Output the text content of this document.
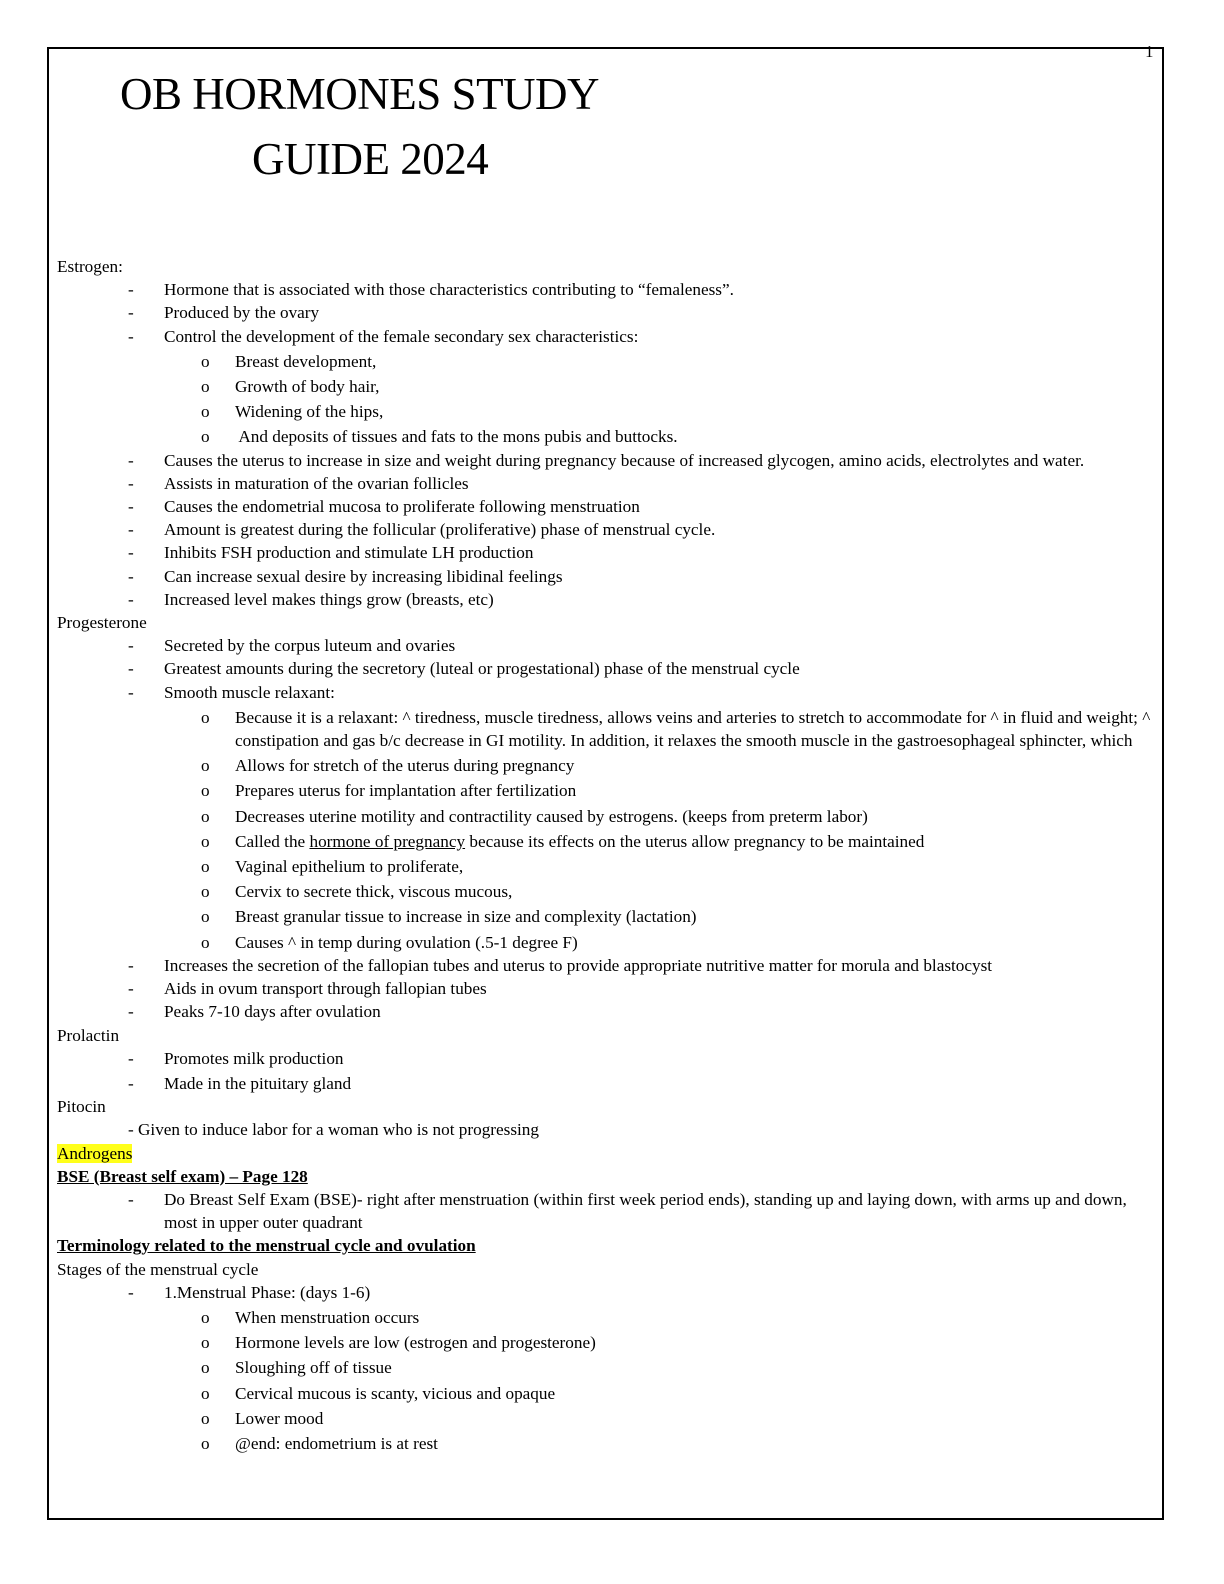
1
OB HORMONES STUDY
GUIDE 2024
Estrogen:
- Hormone that is associated with those characteristics contributing to “femaleness”.
- Produced by the ovary
- Control the development of the female secondary sex characteristics:
o Breast development,
o Growth of body hair,
o Widening of the hips,
o And deposits of tissues and fats to the mons pubis and buttocks.
- Causes the uterus to increase in size and weight during pregnancy because of increased glycogen, amino acids, electrolytes and water.
- Assists in maturation of the ovarian follicles
- Causes the endometrial mucosa to proliferate following menstruation
- Amount is greatest during the follicular (proliferative) phase of menstrual cycle.
- Inhibits FSH production and stimulate LH production
- Can increase sexual desire by increasing libidinal feelings
- Increased level makes things grow (breasts, etc)
Progesterone
- Secreted by the corpus luteum and ovaries
- Greatest amounts during the secretory (luteal or progestational) phase of the menstrual cycle
- Smooth muscle relaxant:
o Because it is a relaxant: ^ tiredness, muscle tiredness, allows veins and arteries to stretch to accommodate for ^ in fluid and weight; ^ constipation and gas b/c decrease in GI motility. In addition, it relaxes the smooth muscle in the gastroesophageal sphincter, which
o Allows for stretch of the uterus during pregnancy
o Prepares uterus for implantation after fertilization
o Decreases uterine motility and contractility caused by estrogens. (keeps from preterm labor)
o Called the hormone of pregnancy because its effects on the uterus allow pregnancy to be maintained
o Vaginal epithelium to proliferate,
o Cervix to secrete thick, viscous mucous,
o Breast granular tissue to increase in size and complexity (lactation)
o Causes ^ in temp during ovulation (.5-1 degree F)
- Increases the secretion of the fallopian tubes and uterus to provide appropriate nutritive matter for morula and blastocyst
- Aids in ovum transport through fallopian tubes
- Peaks 7-10 days after ovulation
Prolactin
- Promotes milk production
- Made in the pituitary gland
Pitocin
- Given to induce labor for a woman who is not progressing
Androgens
BSE (Breast self exam) – Page 128
- Do Breast Self Exam (BSE)- right after menstruation (within first week period ends), standing up and laying down, with arms up and down, most in upper outer quadrant
Terminology related to the menstrual cycle and ovulation
Stages of the menstrual cycle
- 1.Menstrual Phase: (days 1-6)
o When menstruation occurs
o Hormone levels are low (estrogen and progesterone)
o Sloughing off of tissue
o Cervical mucous is scanty, vicious and opaque
o Lower mood
o @end: endometrium is at rest
